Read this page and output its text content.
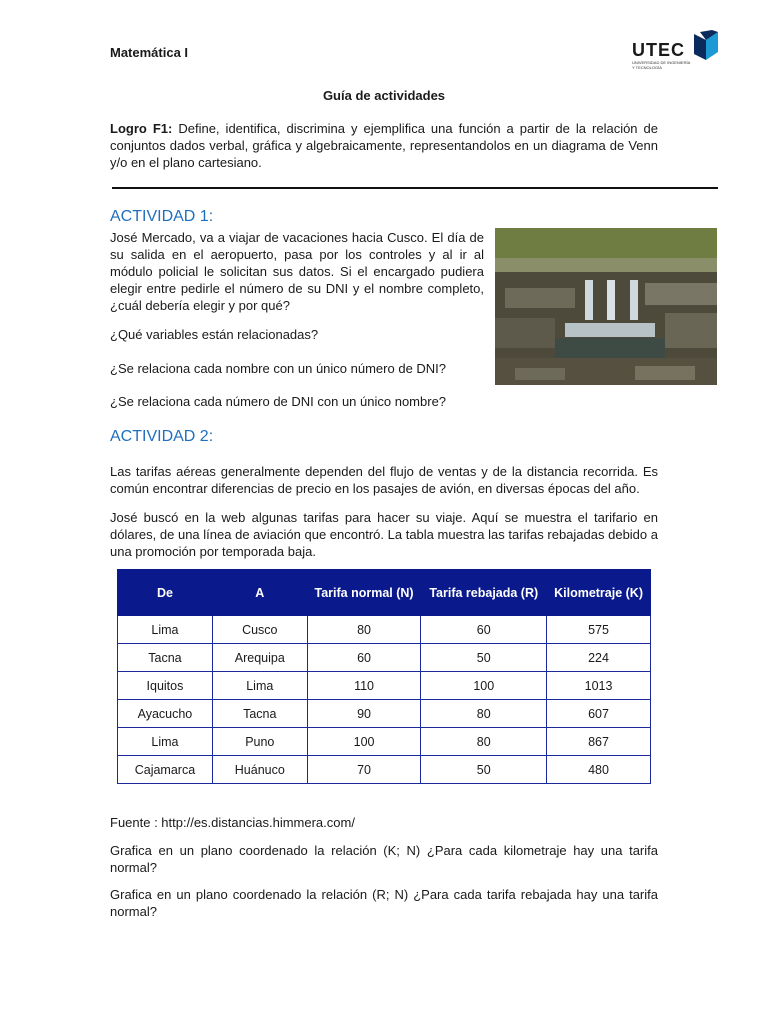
Matemática I	UTEC
UNIVERSIDAD DE INGENIERÍA Y TECNOLOGÍA
Guía de actividades
Logro F1: Define, identifica, discrimina y ejemplifica una función a partir de la relación de conjuntos dados verbal, gráfica y algebraicamente, representandolos en un diagrama de Venn y/o en el plano cartesiano.
ACTIVIDAD 1:
José Mercado, va a viajar de vacaciones hacia Cusco. El día de su salida en el aeropuerto, pasa por los controles y al ir al módulo policial le solicitan sus datos. Si el encargado pudiera elegir entre pedirle el número de su DNI y el nombre completo, ¿cuál debería elegir y por qué?
¿Qué variables están relacionadas?
¿Se relaciona cada nombre con un único número de DNI?
¿Se relaciona cada número de DNI con un único nombre?
ACTIVIDAD 2:
Las tarifas aéreas generalmente dependen del flujo de ventas y de la distancia recorrida. Es común encontrar diferencias de precio en los pasajes de avión, en diversas épocas del año.
José buscó en la web algunas tarifas para hacer su viaje. Aquí se muestra el tarifario en dólares, de una línea de aviación que encontró. La tabla muestra las tarifas rebajadas debido a una promoción por temporada baja.
De	A	Tarifa normal (N)	Tarifa rebajada (R)	Kilometraje (K)
Lima	Cusco	80	60	575
Tacna	Arequipa	60	50	224
Iquitos	Lima	110	100	1013
Ayacucho	Tacna	90	80	607
Lima	Puno	100	80	867
Cajamarca	Huánuco	70	50	480
Fuente : http://es.distancias.himmera.com/
Grafica en un plano coordenado la relación (K; N) ¿Para cada kilometraje hay una tarifa normal?
Grafica en un plano coordenado la relación (R; N) ¿Para cada tarifa rebajada hay una tarifa normal?
